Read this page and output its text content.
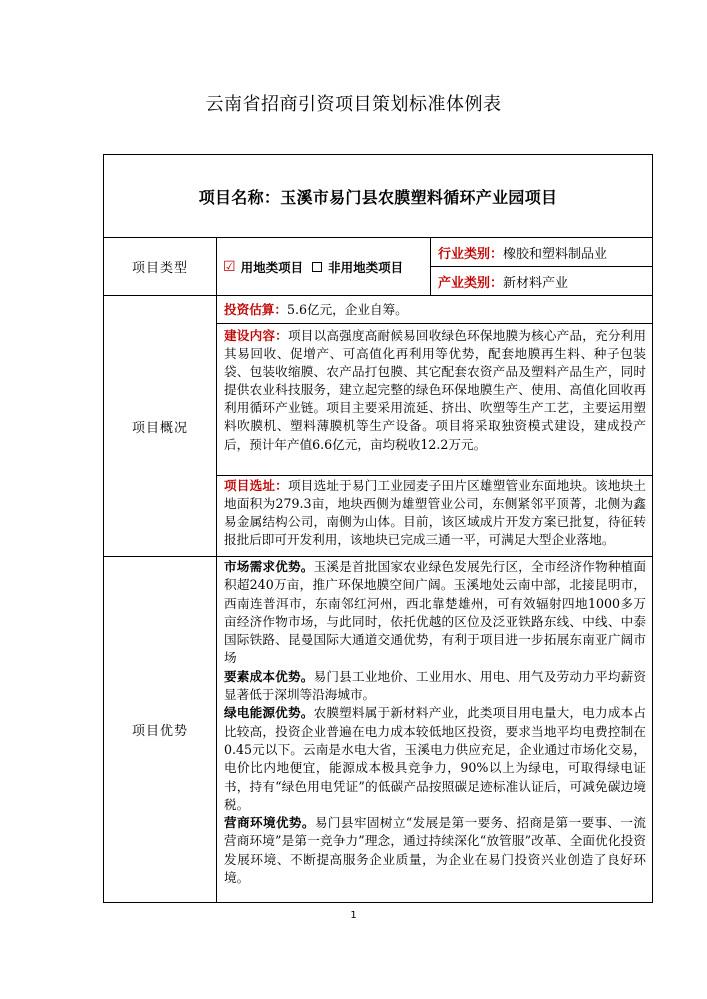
云南省招商引资项目策划标准体例表
项目名称：玉溪市易门县农膜塑料循环产业园项目
项目类型	☑ 用地类项目 非用地类项目
行业类别： 橡胶和塑料制品业
产业类别： 新材料产业
项目概况
投资估算：5.6亿元，企业自筹。
建设内容：项目以高强度高耐候易回收绿色环保地膜为核心产品，充分利用其易回收、促增产、可高值化再利用等优势，配套地膜再生料、种子包装袋、包装收缩膜、农产品打包膜、其它配套农资产品及塑料产品生产，同时提供农业科技服务，建立起完整的绿色环保地膜生产、使用、高值化回收再利用循环产业链。项目主要采用流延、挤出、吹塑等生产工艺，主要运用塑料吹膜机、塑料薄膜机等生产设备。项目将采取独资模式建设，建成投产后，预计年产值6.6亿元，亩均税收12.2万元。
项目选址：项目选址于易门工业园麦子田片区雄塑管业东面地块。该地块土地面积为279.3亩，地块西侧为雄塑管业公司，东侧紧邻平顶菁，北侧为鑫易金属结构公司，南侧为山体。目前，该区域成片开发方案已批复，待征转报批后即可开发利用，该地块已完成三通一平，可满足大型企业落地。
项目优势

市场需求优势。玉溪是首批国家农业绿色发展先行区，全市经济作物种植面积超240万亩，推广环保地膜空间广阔。玉溪地处云南中部，北接昆明市，西南连普洱市，东南邻红河州，西北靠楚雄州，可有效辐射四地1000多万亩经济作物市场，与此同时，依托优越的区位及泛亚铁路东线、中线、中泰国际铁路、昆曼国际大通道交通优势，有利于项目进一步拓展东南亚广阔市场

要素成本优势。易门县工业地价、工业用水、用电、用气及劳动力平均薪资显著低于深圳等沿海城市。

绿电能源优势。农膜塑料属于新材料产业，此类项目用电量大，电力成本占比较高，投资企业普遍在电力成本较低地区投资，要求当地平均电费控制在0.45元以下。云南是水电大省，玉溪电力供应充足，企业通过市场化交易，电价比内地便宜，能源成本极具竞争力，90%以上为绿电，可取得绿电证书，持有“绿色用电凭证”的低碳产品按照碳足迹标准认证后，可减免碳边境税。

营商环境优势。易门县牢固树立“发展是第一要务、招商是第一要事、一流营商环境”是第一竞争力”理念，通过持续深化“放管服”改革、全面优化投资发展环境、不断提高服务企业质量，为企业在易门投资兴业创造了良好环境。

1
